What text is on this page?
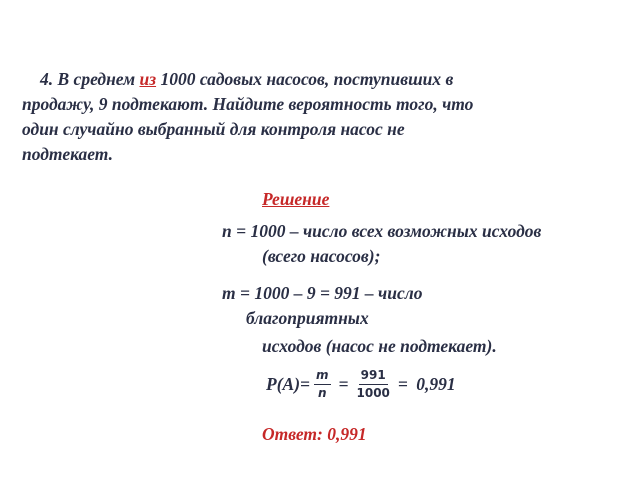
4. В среднем из 1000 садовых насосов, поступивших в
продажу, 9 подтекают. Найдите вероятность того, что
один случайно выбранный для контроля насос не
подтекает.
Решение
n = 1000 – число всех возможных исходов
(всего насосов);
m = 1000 – 9 = 991 – число
благоприятных
исходов (насос не подтекает).
$P(A)= \frac{m}{n} = \frac{991}{1000} = 0,991$
Ответ: 0,991
